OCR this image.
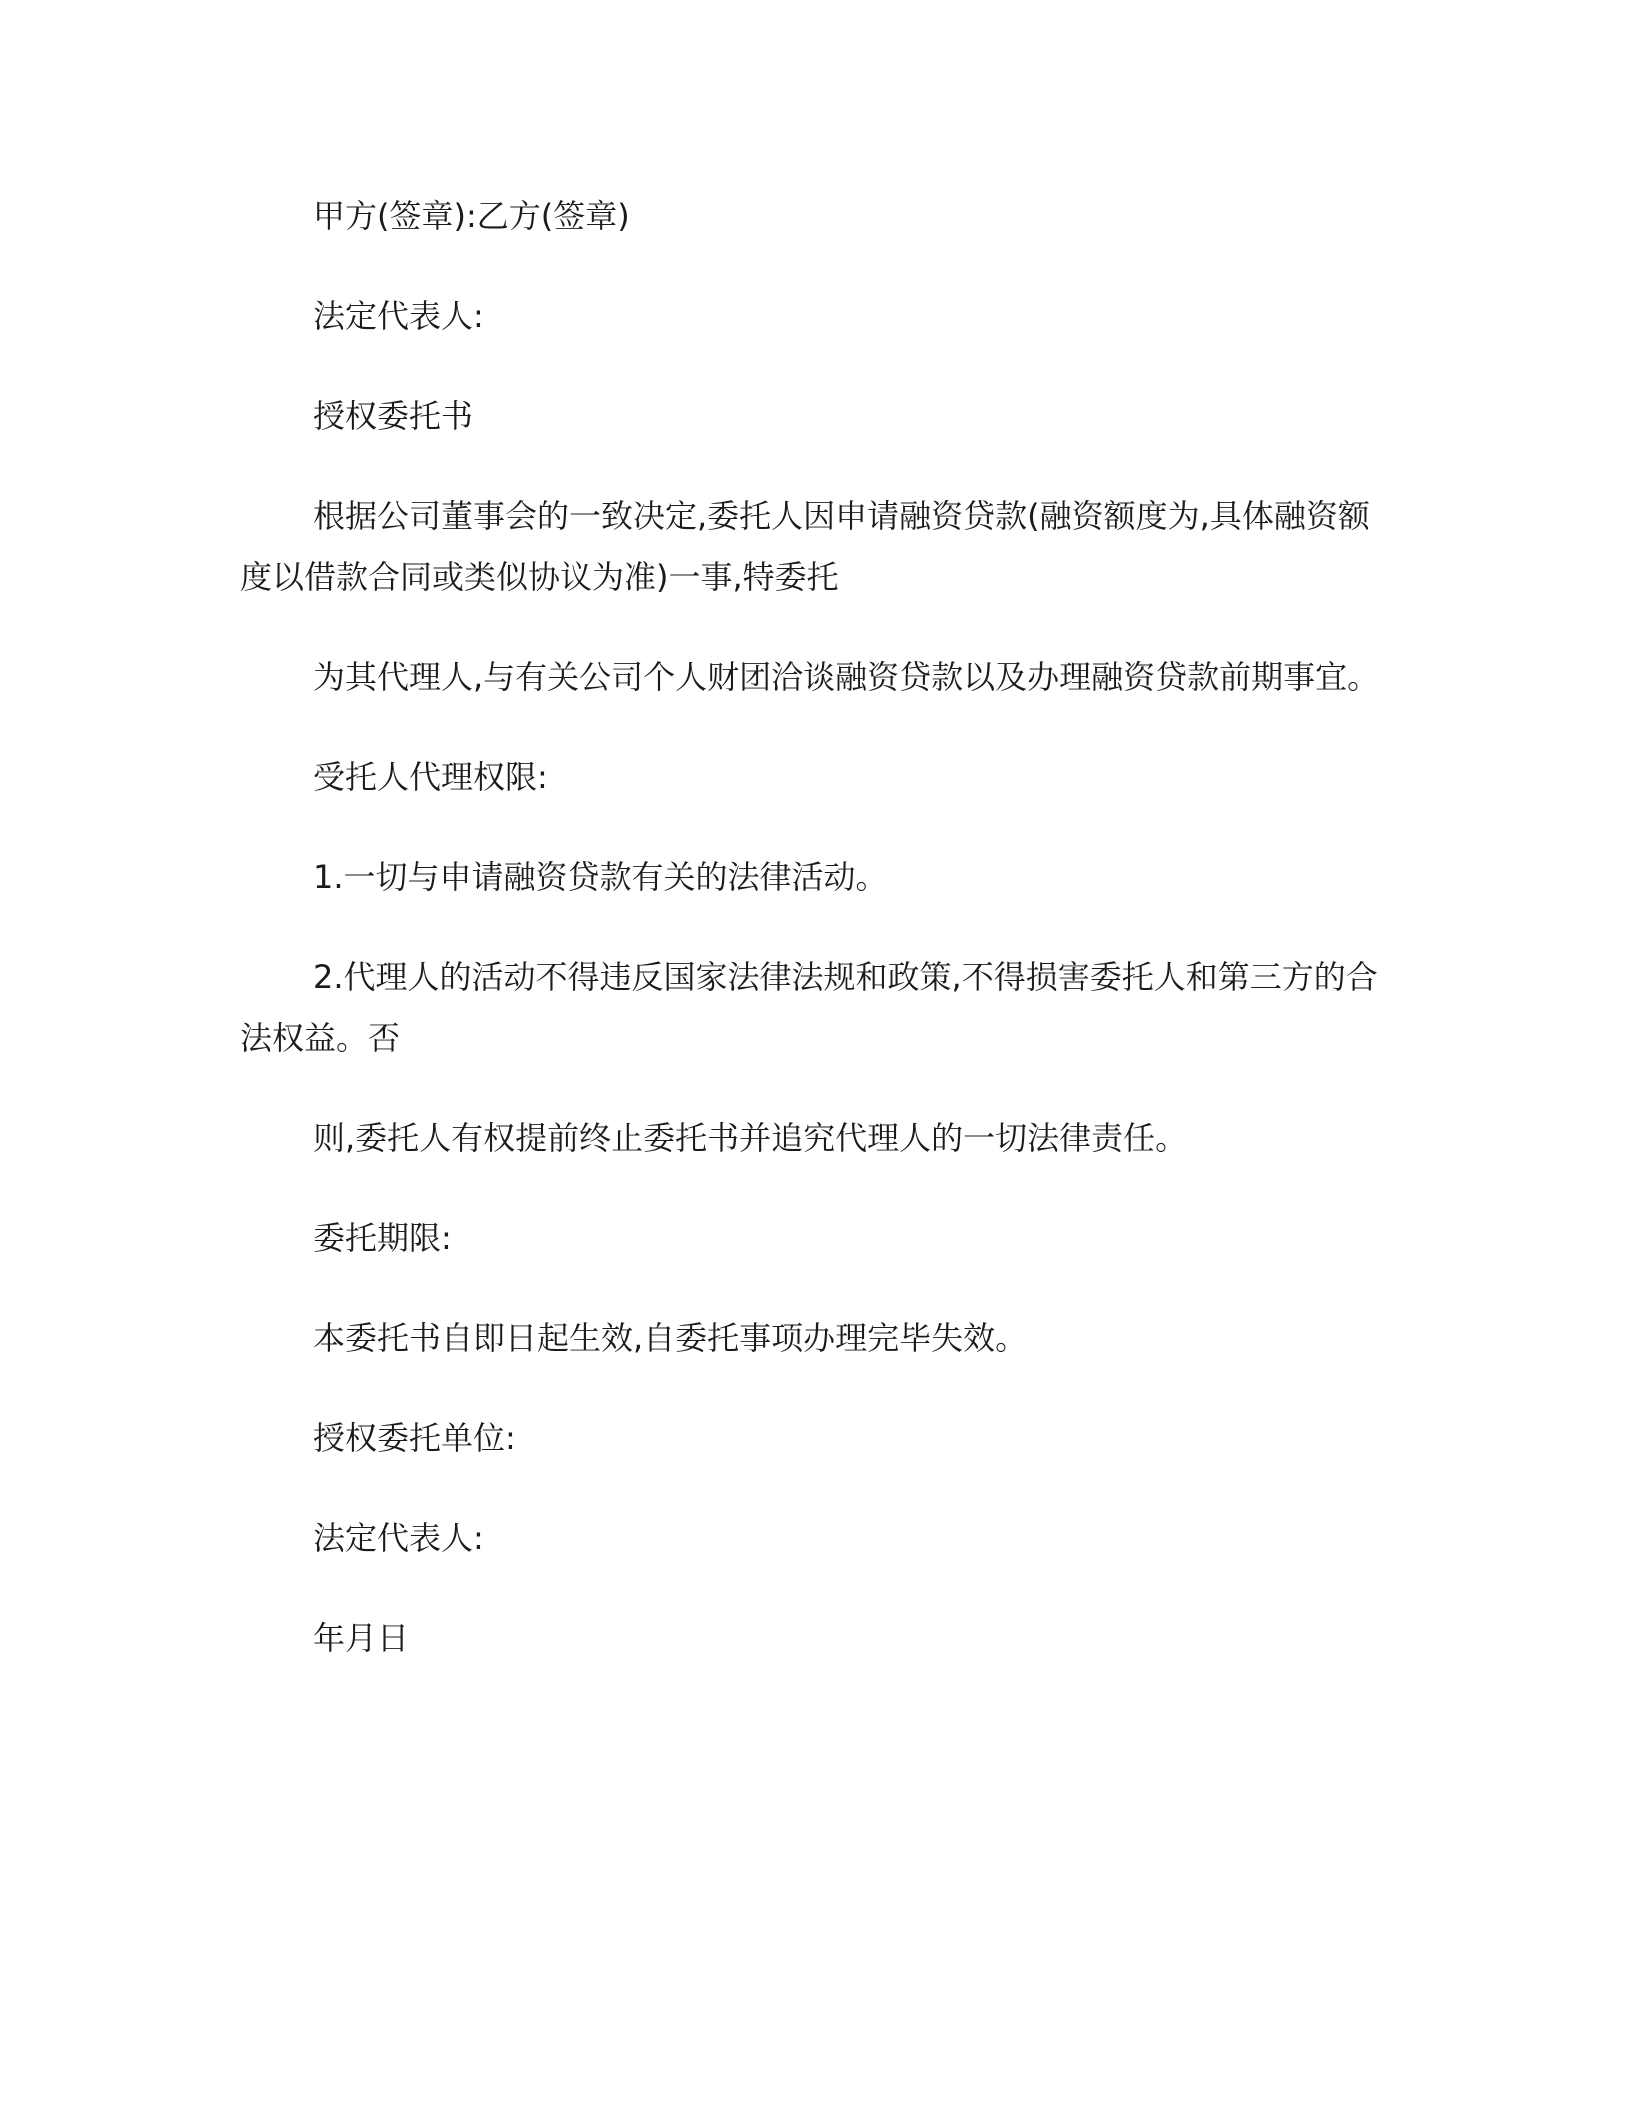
甲方(签章):乙方(签章)
法定代表人:
授权委托书
根据公司董事会的一致决定,委托人因申请融资贷款(融资额度为,具体融资额
度以借款合同或类似协议为准)一事,特委托
为其代理人,与有关公司个人财团洽谈融资贷款以及办理融资贷款前期事宜。
受托人代理权限:
1.一切与申请融资贷款有关的法律活动。
2.代理人的活动不得违反国家法律法规和政策,不得损害委托人和第三方的合
法权益。否
则,委托人有权提前终止委托书并追究代理人的一切法律责任。
委托期限:
本委托书自即日起生效,自委托事项办理完毕失效。
授权委托单位:
法定代表人:
年月日
